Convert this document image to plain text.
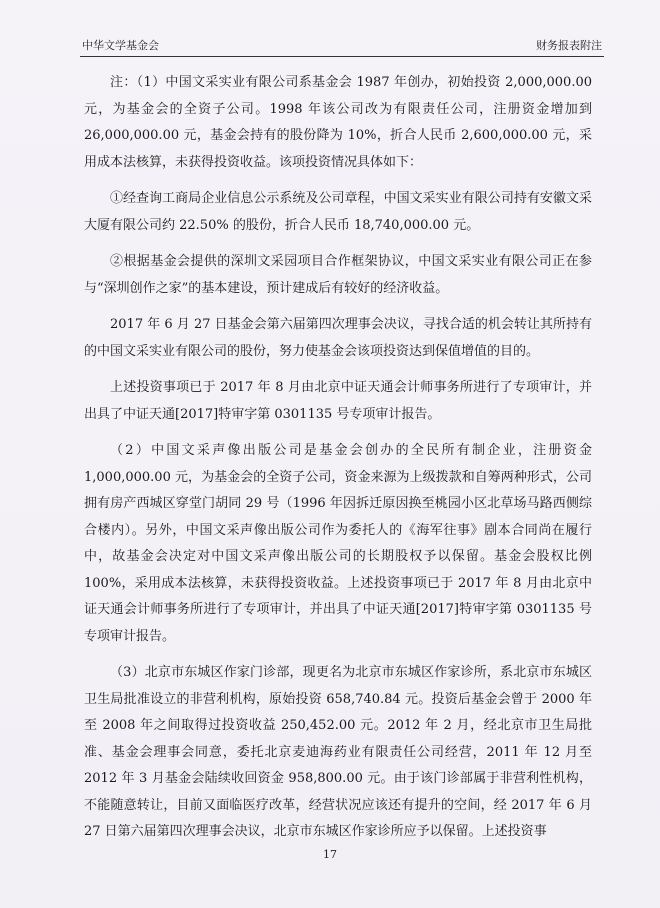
中华文学基金会	财务报表附注

注：（1）中国文采实业有限公司系基金会 1987 年创办，初始投资 2,000,000.00 元，为基金会的全资子公司。1998 年该公司改为有限责任公司，注册资金增加到 26,000,000.00 元，基金会持有的股份降为 10%，折合人民币 2,600,000.00 元，采用成本法核算，未获得投资收益。该项投资情况具体如下：

①经查询工商局企业信息公示系统及公司章程，中国文采实业有限公司持有安徽文采大厦有限公司约 22.50% 的股份，折合人民币 18,740,000.00 元。

②根据基金会提供的深圳文采园项目合作框架协议，中国文采实业有限公司正在参与“深圳创作之家”的基本建设，预计建成后有较好的经济收益。

2017 年 6 月 27 日基金会第六届第四次理事会决议，寻找合适的机会转让其所持有的中国文采实业有限公司的股份，努力使基金会该项投资达到保值增值的目的。

上述投资事项已于 2017 年 8 月由北京中证天通会计师事务所进行了专项审计，并出具了中证天通[2017]特审字第 0301135 号专项审计报告。

（2）中国文采声像出版公司是基金会创办的全民所有制企业，注册资金 1,000,000.00 元，为基金会的全资子公司，资金来源为上级拨款和自筹两种形式，公司拥有房产西城区穿堂门胡同 29 号（1996 年因拆迁原因换至桃园小区北草场马路西侧综合楼内）。另外，中国文采声像出版公司作为委托人的《海军往事》剧本合同尚在履行中，故基金会决定对中国文采声像出版公司的长期股权予以保留。基金会股权比例 100%，采用成本法核算，未获得投资收益。上述投资事项已于 2017 年 8 月由北京中证天通会计师事务所进行了专项审计，并出具了中证天通[2017]特审字第 0301135 号专项审计报告。

（3）北京市东城区作家门诊部，现更名为北京市东城区作家诊所，系北京市东城区卫生局批准设立的非营利机构，原始投资 658,740.84 元。投资后基金会曾于 2000 年至 2008 年之间取得过投资收益 250,452.00 元。2012 年 2 月，经北京市卫生局批准、基金会理事会同意，委托北京麦迪海药业有限责任公司经营，2011 年 12 月至 2012 年 3 月基金会陆续收回资金 958,800.00 元。由于该门诊部属于非营利性机构，不能随意转让，目前又面临医疗改革，经营状况应该还有提升的空间，经 2017 年 6 月 27 日第六届第四次理事会决议，北京市东城区作家诊所应予以保留。上述投资事

17
